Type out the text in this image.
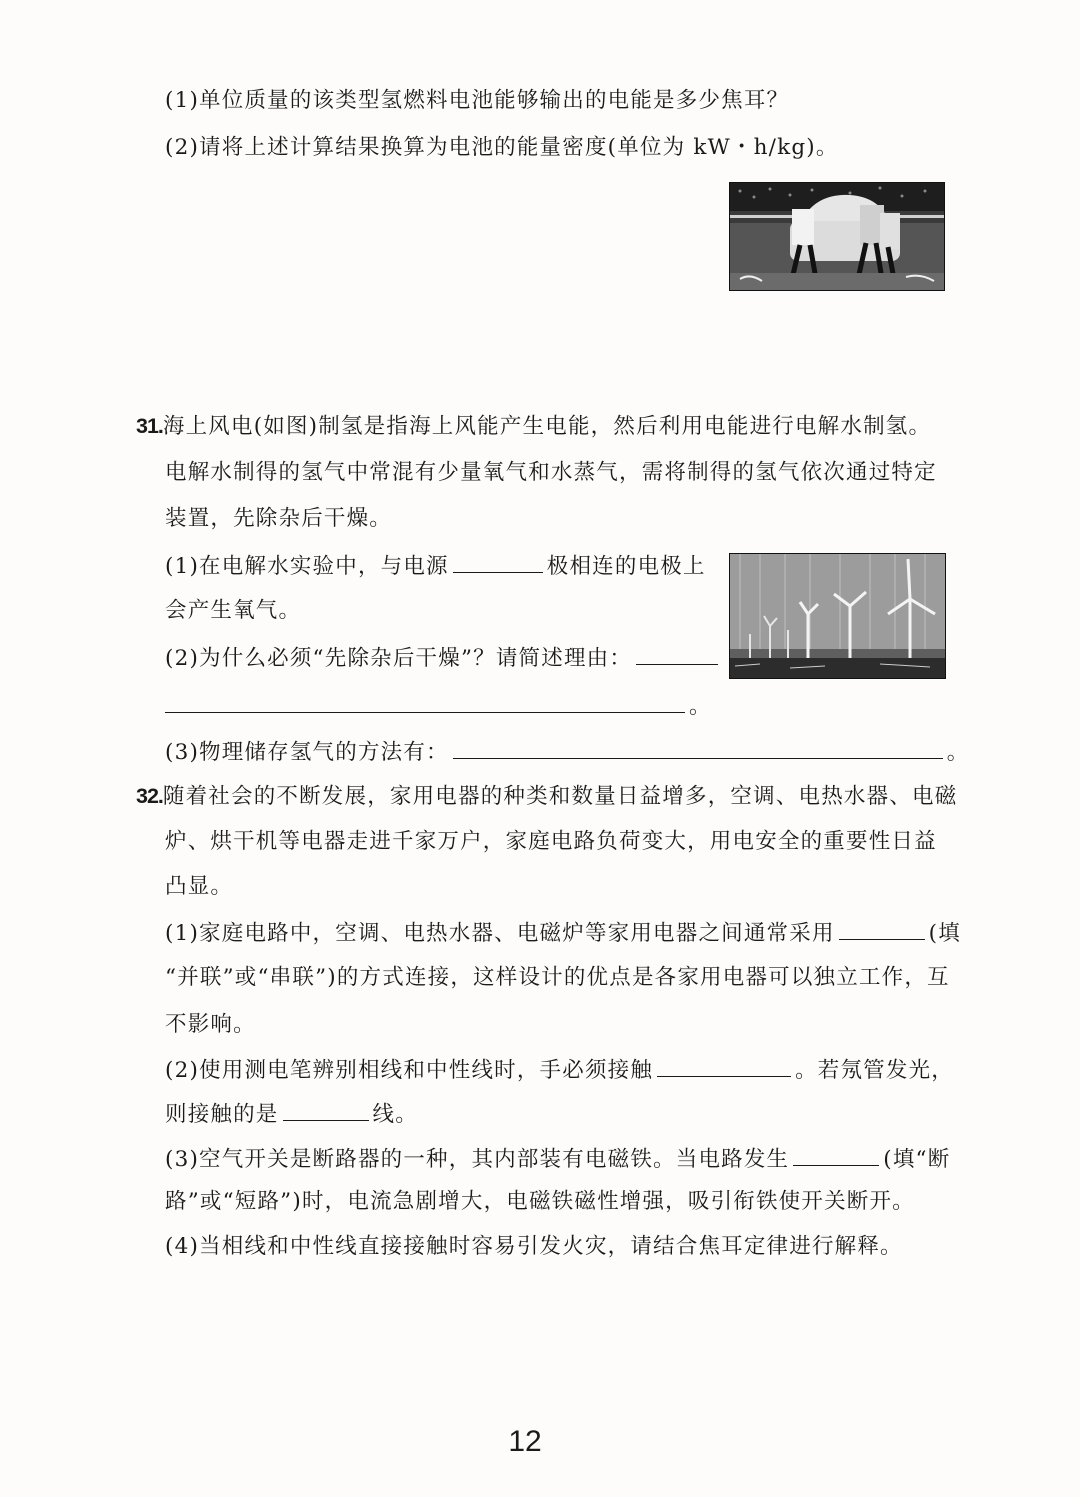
(1)单位质量的该类型氢燃料电池能够输出的电能是多少焦耳？
(2)请将上述计算结果换算为电池的能量密度(单位为 kW・h/kg)。
31.海上风电(如图)制氢是指海上风能产生电能，然后利用电能进行电解水制氢。
电解水制得的氢气中常混有少量氧气和水蒸气，需将制得的氢气依次通过特定
装置，先除杂后干燥。
(1)在电解水实验中，与电源	极相连的电极上
会产生氧气。
(2)为什么必须“先除杂后干燥”？请简述理由：
。
(3)物理储存氢气的方法有：	。
32.随着社会的不断发展，家用电器的种类和数量日益增多，空调、电热水器、电磁
炉、烘干机等电器走进千家万户，家庭电路负荷变大，用电安全的重要性日益
凸显。
(1)家庭电路中，空调、电热水器、电磁炉等家用电器之间通常采用	(填
“并联”或“串联”)的方式连接，这样设计的优点是各家用电器可以独立工作，互
不影响。
(2)使用测电笔辨别相线和中性线时，手必须接触	。若氖管发光，
则接触的是	线。
(3)空气开关是断路器的一种，其内部装有电磁铁。当电路发生	(填“断
路”或“短路”)时，电流急剧增大，电磁铁磁性增强，吸引衔铁使开关断开。
(4)当相线和中性线直接接触时容易引发火灾，请结合焦耳定律进行解释。
12
